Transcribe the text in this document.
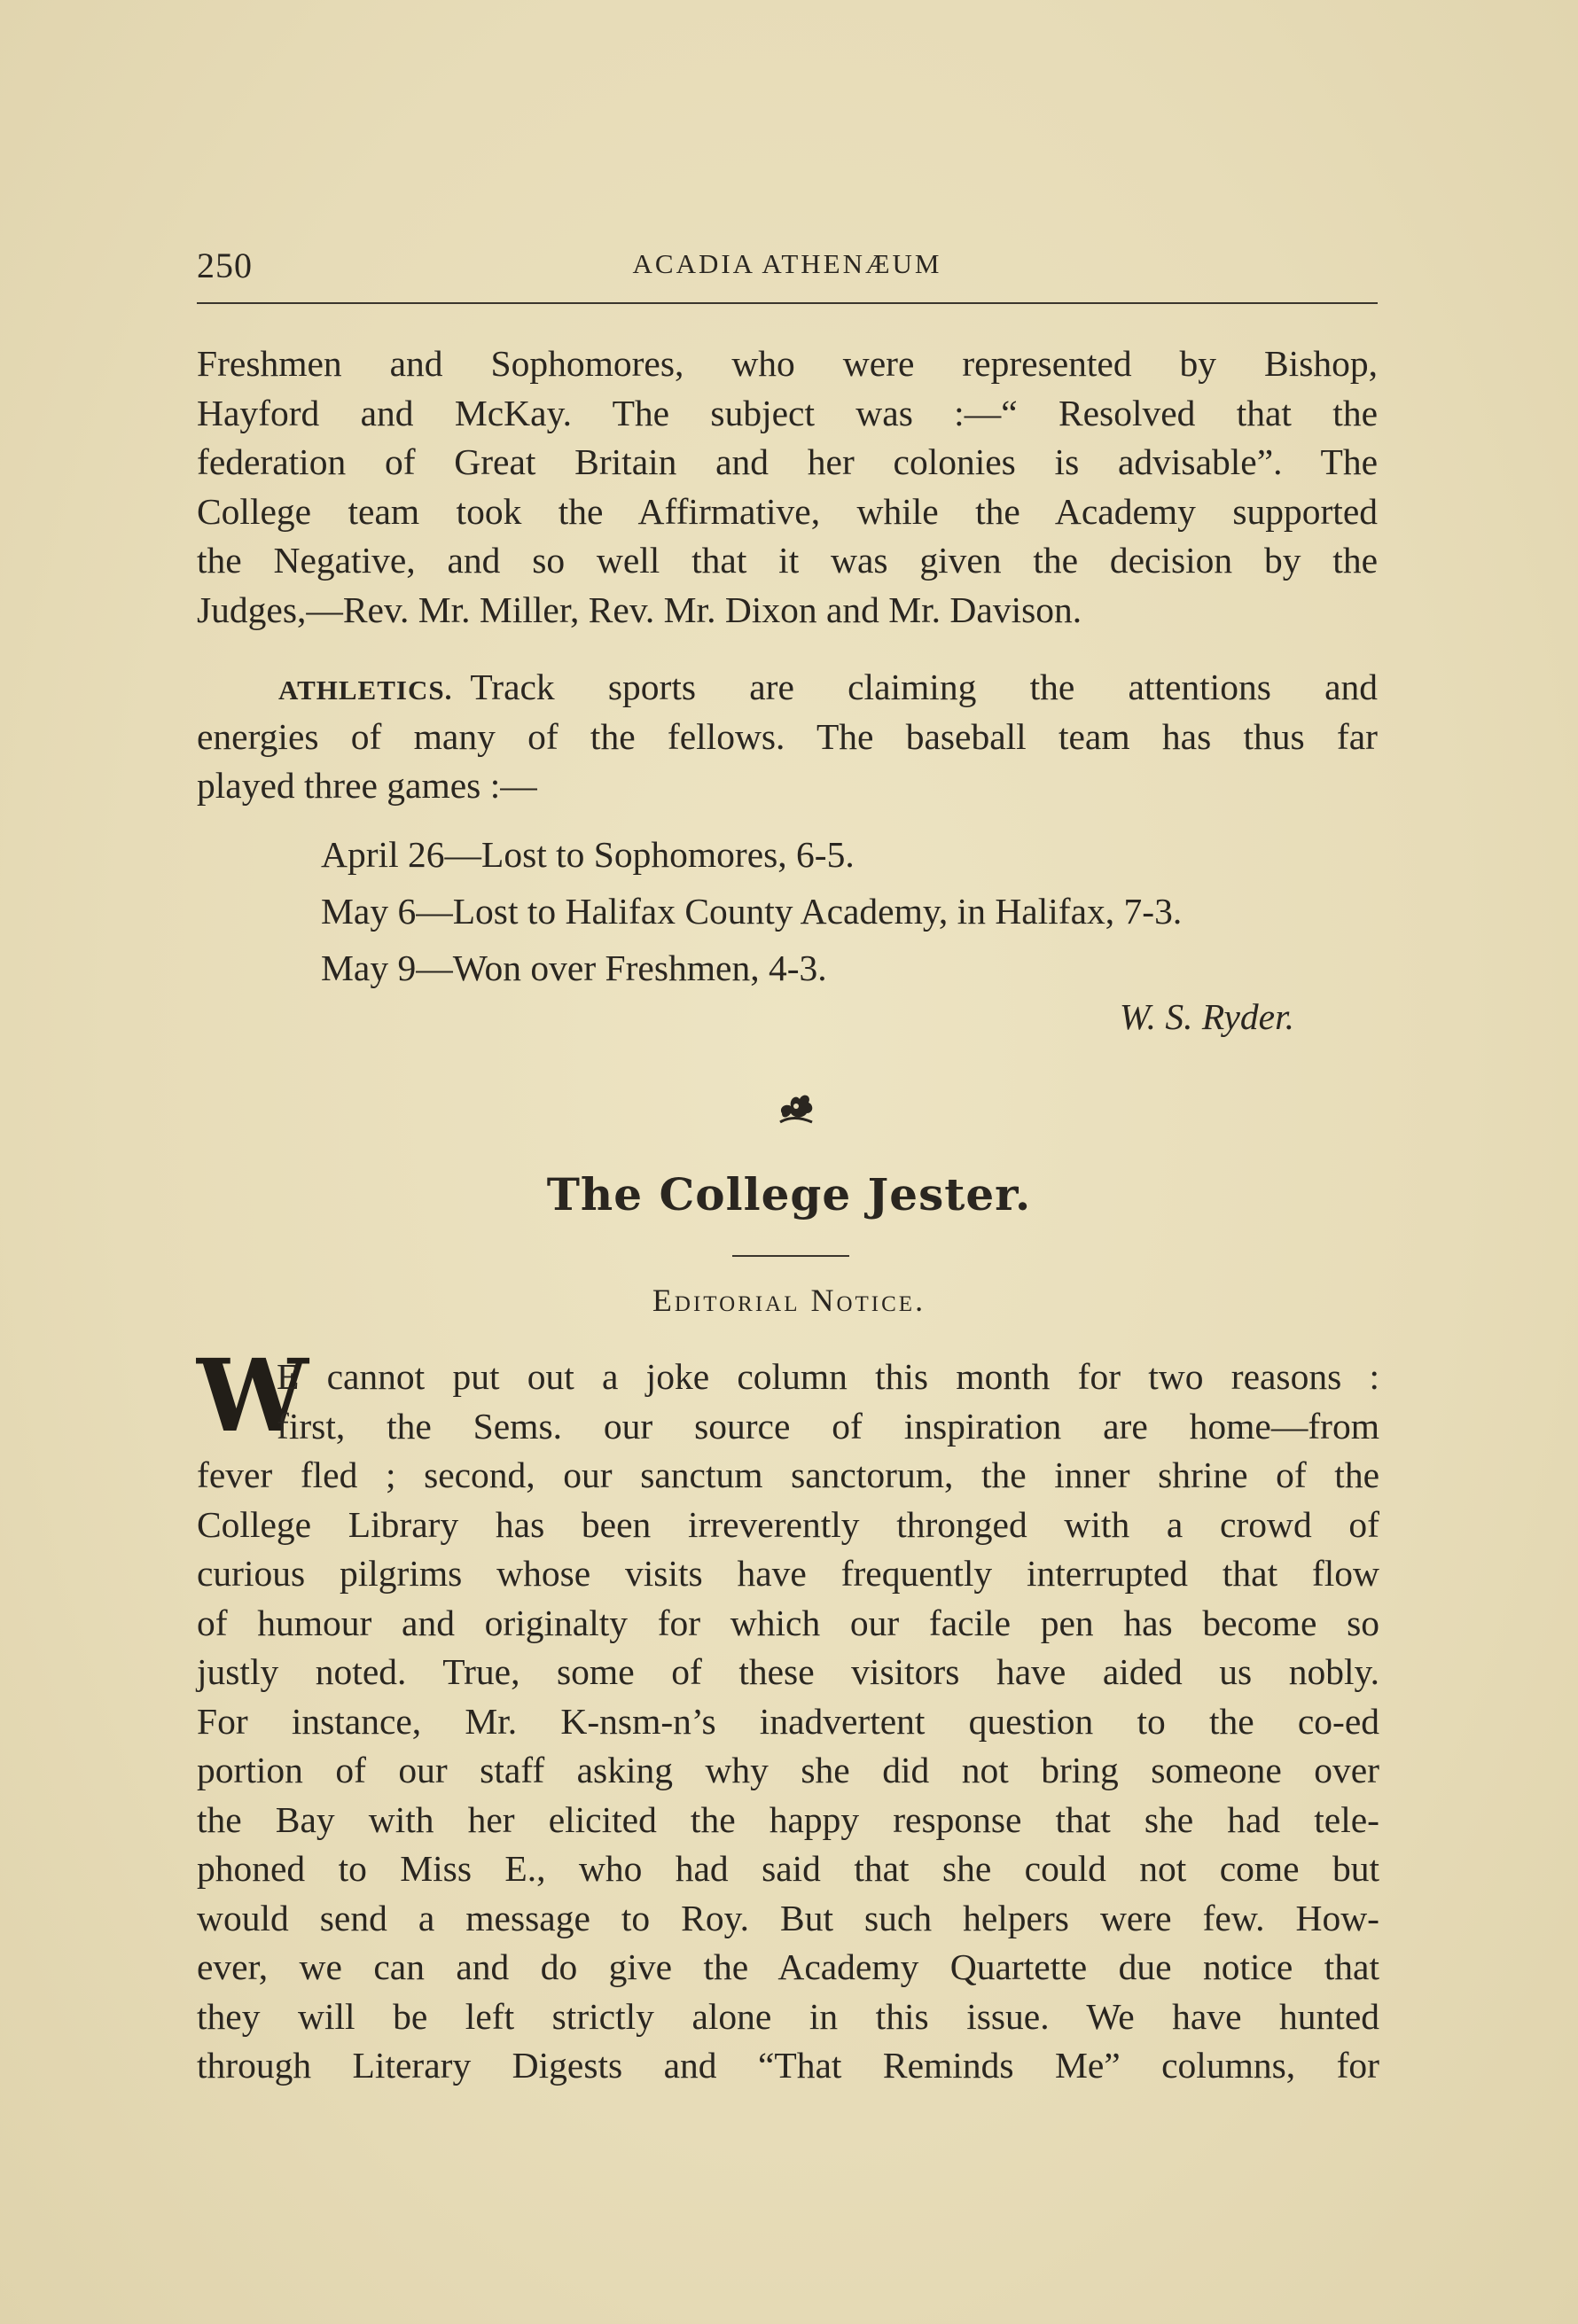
250	ACADIA ATHENÆUM
Freshmen and Sophomores, who were represented by Bishop,
Hayford and McKay. The subject was :—“ Resolved that the
federation of Great Britain and her colonies is advisable”. The
College team took the Affirmative, while the Academy supported
the Negative, and so well that it was given the decision by the
Judges,—Rev. Mr. Miller, Rev. Mr. Dixon and Mr. Davison.
ATHLETICS. Track sports are claiming the attentions and
energies of many of the fellows. The baseball team has thus far
played three games :—
April 26—Lost to Sophomores, 6-5.
May 6—Lost to Halifax County Academy, in Halifax, 7-3.
May 9—Won over Freshmen, 4-3.
W. S. Ryder.
The College Jester.
Editorial Notice.
W
E cannot put out a joke column this month for two reasons :
first, the Sems. our source of inspiration are home—from
fever fled ; second, our sanctum sanctorum, the inner shrine of the
College Library has been irreverently thronged with a crowd of
curious pilgrims whose visits have frequently interrupted that flow
of humour and originalty for which our facile pen has become so
justly noted. True, some of these visitors have aided us nobly.
For instance, Mr. K-nsm-n’s inadvertent question to the co-ed
portion of our staff asking why she did not bring someone over
the Bay with her elicited the happy response that she had tele-
phoned to Miss E., who had said that she could not come but
would send a message to Roy. But such helpers were few. How-
ever, we can and do give the Academy Quartette due notice that
they will be left strictly alone in this issue. We have hunted
through Literary Digests and “That Reminds Me” columns, for
